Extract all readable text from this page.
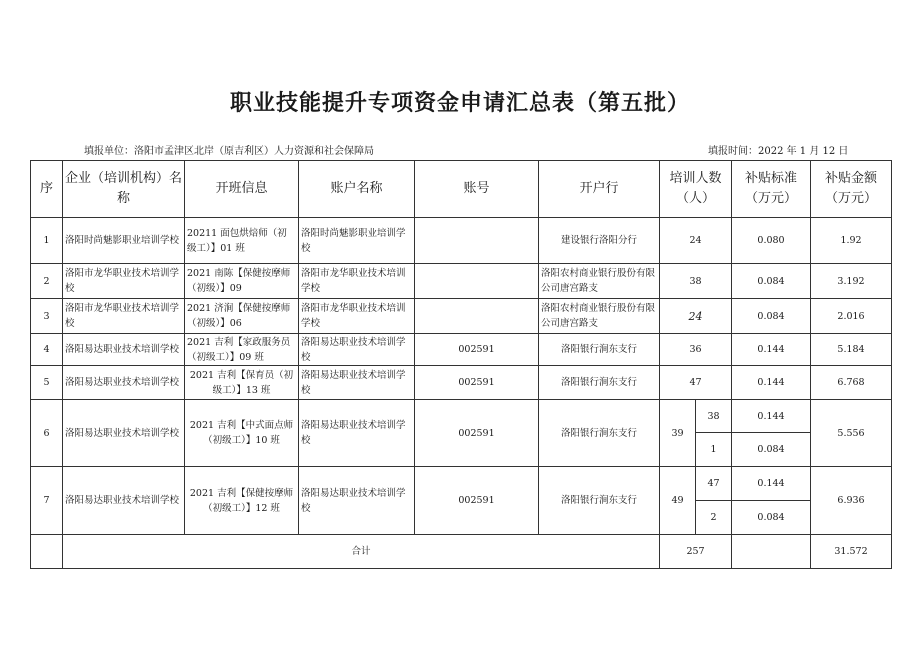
职业技能提升专项资金申请汇总表（第五批）
填报单位：洛阳市孟津区北岸（原吉利区）人力资源和社会保障局	填报时间：2022 年 1 月 12 日
序	企业（培训机构）名称	开班信息	账户名称	账号	开户行	培训人数（人）		补贴标准（万元）	补贴金额（万元）
1	洛阳时尚魅影职业培训学校	20211 面包烘焙师（初级工）】01 班	洛阳时尚魅影职业培训学校		建设银行洛阳分行	24		0.080	1.92
2	洛阳市龙华职业技术培训学校	2021 南陈【保健按摩师（初级）】09	洛阳市龙华职业技术培训学校		洛阳农村商业银行股份有限公司唐宫路支	38		0.084	3.192
3	洛阳市龙华职业技术培训学校	2021 济涧【保健按摩师（初级）】06	洛阳市龙华职业技术培训学校		洛阳农村商业银行股份有限公司唐宫路支	24		0.084	2.016
4	洛阳易达职业技术培训学校	2021 吉利【家政服务员（初级工）】09 班	洛阳易达职业技术培训学校	002591	洛阳银行涧东支行	36		0.144	5.184
5	洛阳易达职业技术培训学校	2021 吉利【保育员（初级工）】13 班	洛阳易达职业技术培训学校	002591	洛阳银行涧东支行	47		0.144	6.768
6	洛阳易达职业技术培训学校	2021 吉利【中式面点师（初级工）】10 班	洛阳易达职业技术培训学校	002591	洛阳银行涧东支行	39	38	0.144	5.556
							1	0.084	
7	洛阳易达职业技术培训学校	2021 吉利【保健按摩师（初级工）】12 班	洛阳易达职业技术培训学校	002591	洛阳银行涧东支行	49	47	0.144	6.936
							2	0.084	
	合计					257			31.572
